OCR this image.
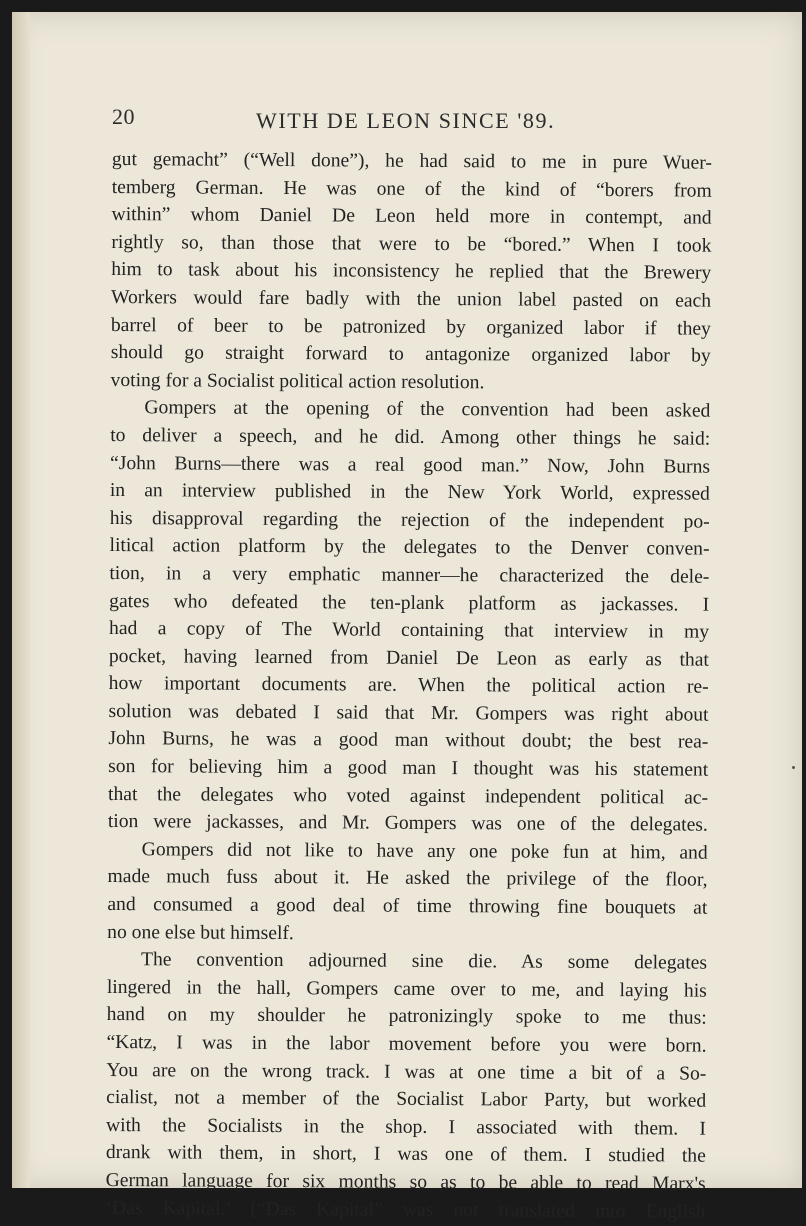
20	WITH DE LEON SINCE '89.
gut gemacht” (“Well done”), he had said to me in pure Wuer-
temberg German. He was one of the kind of “borers from
within” whom Daniel De Leon held more in contempt, and
rightly so, than those that were to be “bored.” When I took
him to task about his inconsistency he replied that the Brewery
Workers would fare badly with the union label pasted on each
barrel of beer to be patronized by organized labor if they
should go straight forward to antagonize organized labor by
voting for a Socialist political action resolution.
Gompers at the opening of the convention had been asked
to deliver a speech, and he did. Among other things he said:
“John Burns—there was a real good man.” Now, John Burns
in an interview published in the New York World, expressed
his disapproval regarding the rejection of the independent po-
litical action platform by the delegates to the Denver conven-
tion, in a very emphatic manner—he characterized the dele-
gates who defeated the ten-plank platform as jackasses. I
had a copy of The World containing that interview in my
pocket, having learned from Daniel De Leon as early as that
how important documents are. When the political action re-
solution was debated I said that Mr. Gompers was right about
John Burns, he was a good man without doubt; the best rea-
son for believing him a good man I thought was his statement
that the delegates who voted against independent political ac-
tion were jackasses, and Mr. Gompers was one of the delegates.
Gompers did not like to have any one poke fun at him, and
made much fuss about it. He asked the privilege of the floor,
and consumed a good deal of time throwing fine bouquets at
no one else but himself.
The convention adjourned sine die. As some delegates
lingered in the hall, Gompers came over to me, and laying his
hand on my shoulder he patronizingly spoke to me thus:
“Katz, I was in the labor movement before you were born.
You are on the wrong track. I was at one time a bit of a So-
cialist, not a member of the Socialist Labor Party, but worked
with the Socialists in the shop. I associated with them. I
drank with them, in short, I was one of them. I studied the
German language for six months so as to be able to read Marx's
‘Das Kapital.’ [“Das Kapital” was not translated into English
